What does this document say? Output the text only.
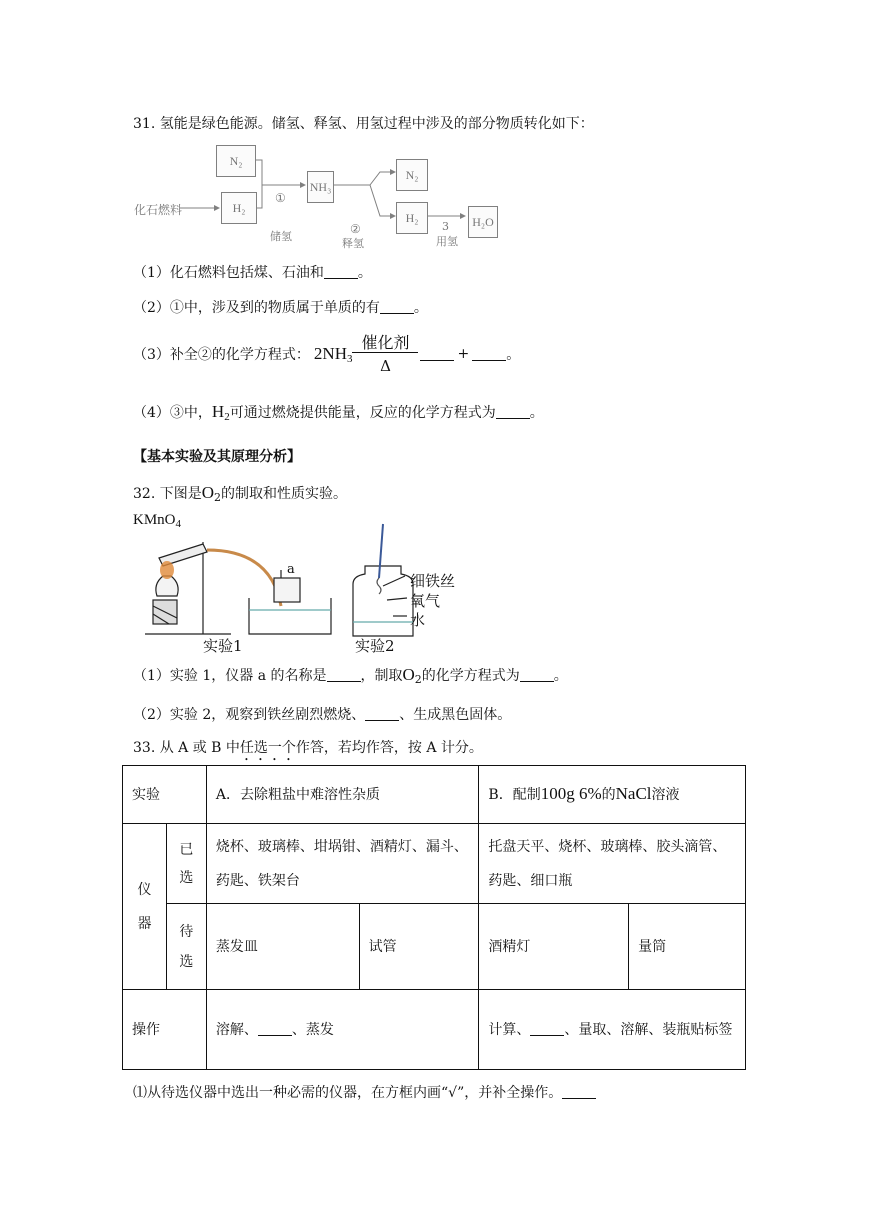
31. 氢能是绿色能源。储氢、释氢、用氢过程中涉及的部分物质转化如下：
化石燃料
N₂
H₂
①
NH₃
②
N₂
H₂
3	H₂O
储氢
释氢	用氢
（1）化石燃料包括煤、石油和 。
（2）①中，涉及到的物质属于单质的有 。
（3）补全②的化学方程式： $2NH_3 \frac{\text{催化剂}}{\Delta}$	+	。
（4）③中，$H_2$可通过燃烧提供能量，反应的化学方程式为 。
【基本实验及其原理分析】
32. 下图是$O_2$的制取和性质实验。
KMnO$_4$
a
细铁丝
氧气
水
实验1	实验2
（1）实验 1，仪器 a 的名称是 ，制取$O_2$的化学方程式为 。
（2）实验 2，观察到铁丝剧烈燃烧、 、生成黑色固体。
33. 从 A 或 B 中任选一个作答，若均作答，按 A 计分。
实验		A．去除粗盐中难溶性杂质		B．配制100g 6%的NaCl溶液	

仪器	已选	烧杯、玻璃棒、坩埚钳、酒精灯、漏斗、药匙、铁架台		托盘天平、烧杯、玻璃棒、胶头滴管、药匙、细口瓶	

	待选	蒸发皿	试管	酒精灯	量筒
操作		溶解、 、蒸发		计算、 、量取、溶解、装瓶贴标签	
⑴从待选仪器中选出一种必需的仪器，在方框内画“√”，并补全操作。
